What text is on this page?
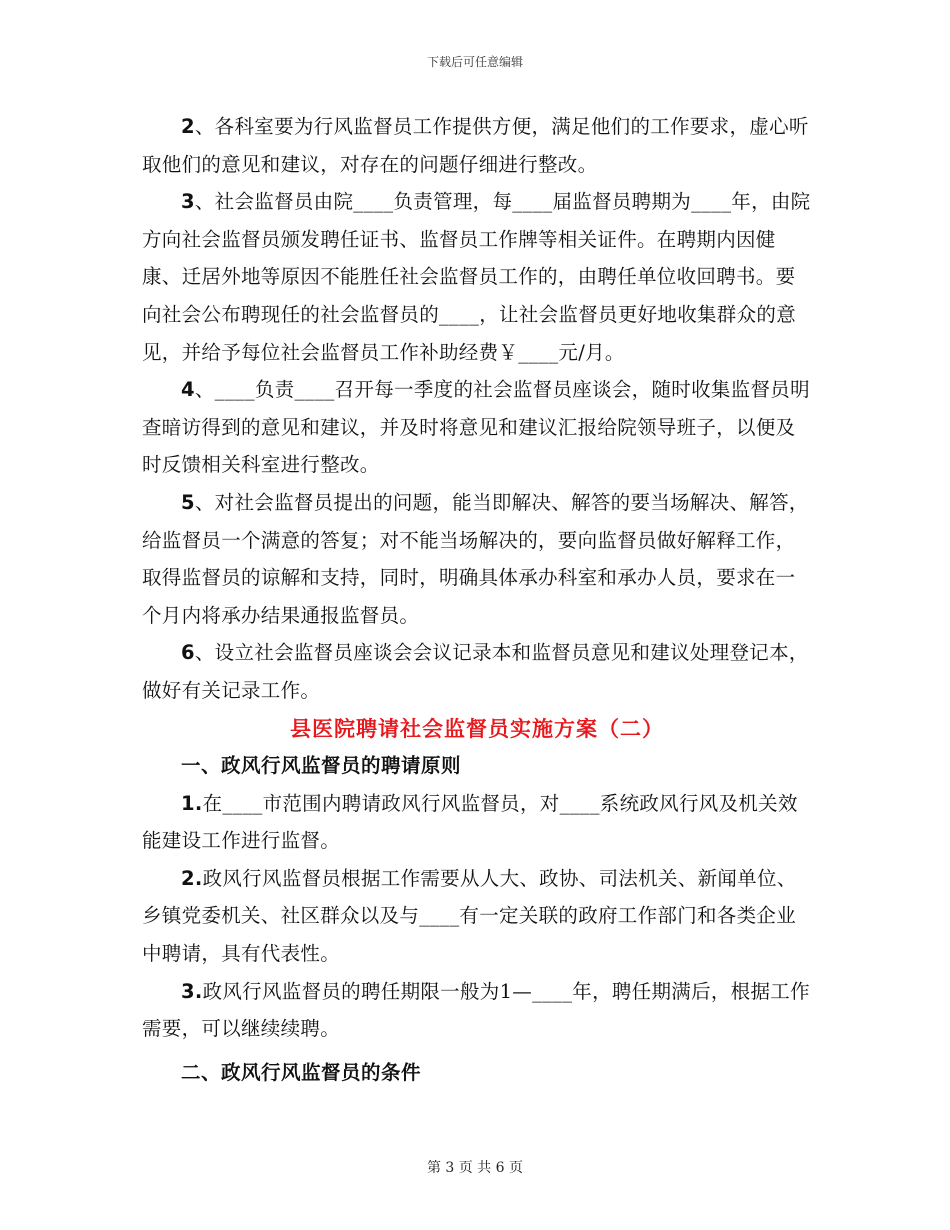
下载后可任意编辑

2、各科室要为行风监督员工作提供方便，满足他们的工作要求，虚心听取他们的意见和建议，对存在的问题仔细进行整改。

3、社会监督员由院____负责管理，每____届监督员聘期为____年，由院方向社会监督员颁发聘任证书、监督员工作牌等相关证件。在聘期内因健康、迁居外地等原因不能胜任社会监督员工作的，由聘任单位收回聘书。要向社会公布聘现任的社会监督员的____，让社会监督员更好地收集群众的意见，并给予每位社会监督员工作补助经费￥____元/月。

4、____负责____召开每一季度的社会监督员座谈会，随时收集监督员明查暗访得到的意见和建议，并及时将意见和建议汇报给院领导班子，以便及时反馈相关科室进行整改。

5、对社会监督员提出的问题，能当即解决、解答的要当场解决、解答，给监督员一个满意的答复；对不能当场解决的，要向监督员做好解释工作，取得监督员的谅解和支持，同时，明确具体承办科室和承办人员，要求在一个月内将承办结果通报监督员。

6、设立社会监督员座谈会会议记录本和监督员意见和建议处理登记本，做好有关记录工作。

县医院聘请社会监督员实施方案（二）

一、政风行风监督员的聘请原则

1.在____市范围内聘请政风行风监督员，对____系统政风行风及机关效能建设工作进行监督。

2.政风行风监督员根据工作需要从人大、政协、司法机关、新闻单位、乡镇党委机关、社区群众以及与____有一定关联的政府工作部门和各类企业中聘请，具有代表性。

3.政风行风监督员的聘任期限一般为1—____年，聘任期满后，根据工作需要，可以继续续聘。

二、政风行风监督员的条件

第 3 页 共 6 页
